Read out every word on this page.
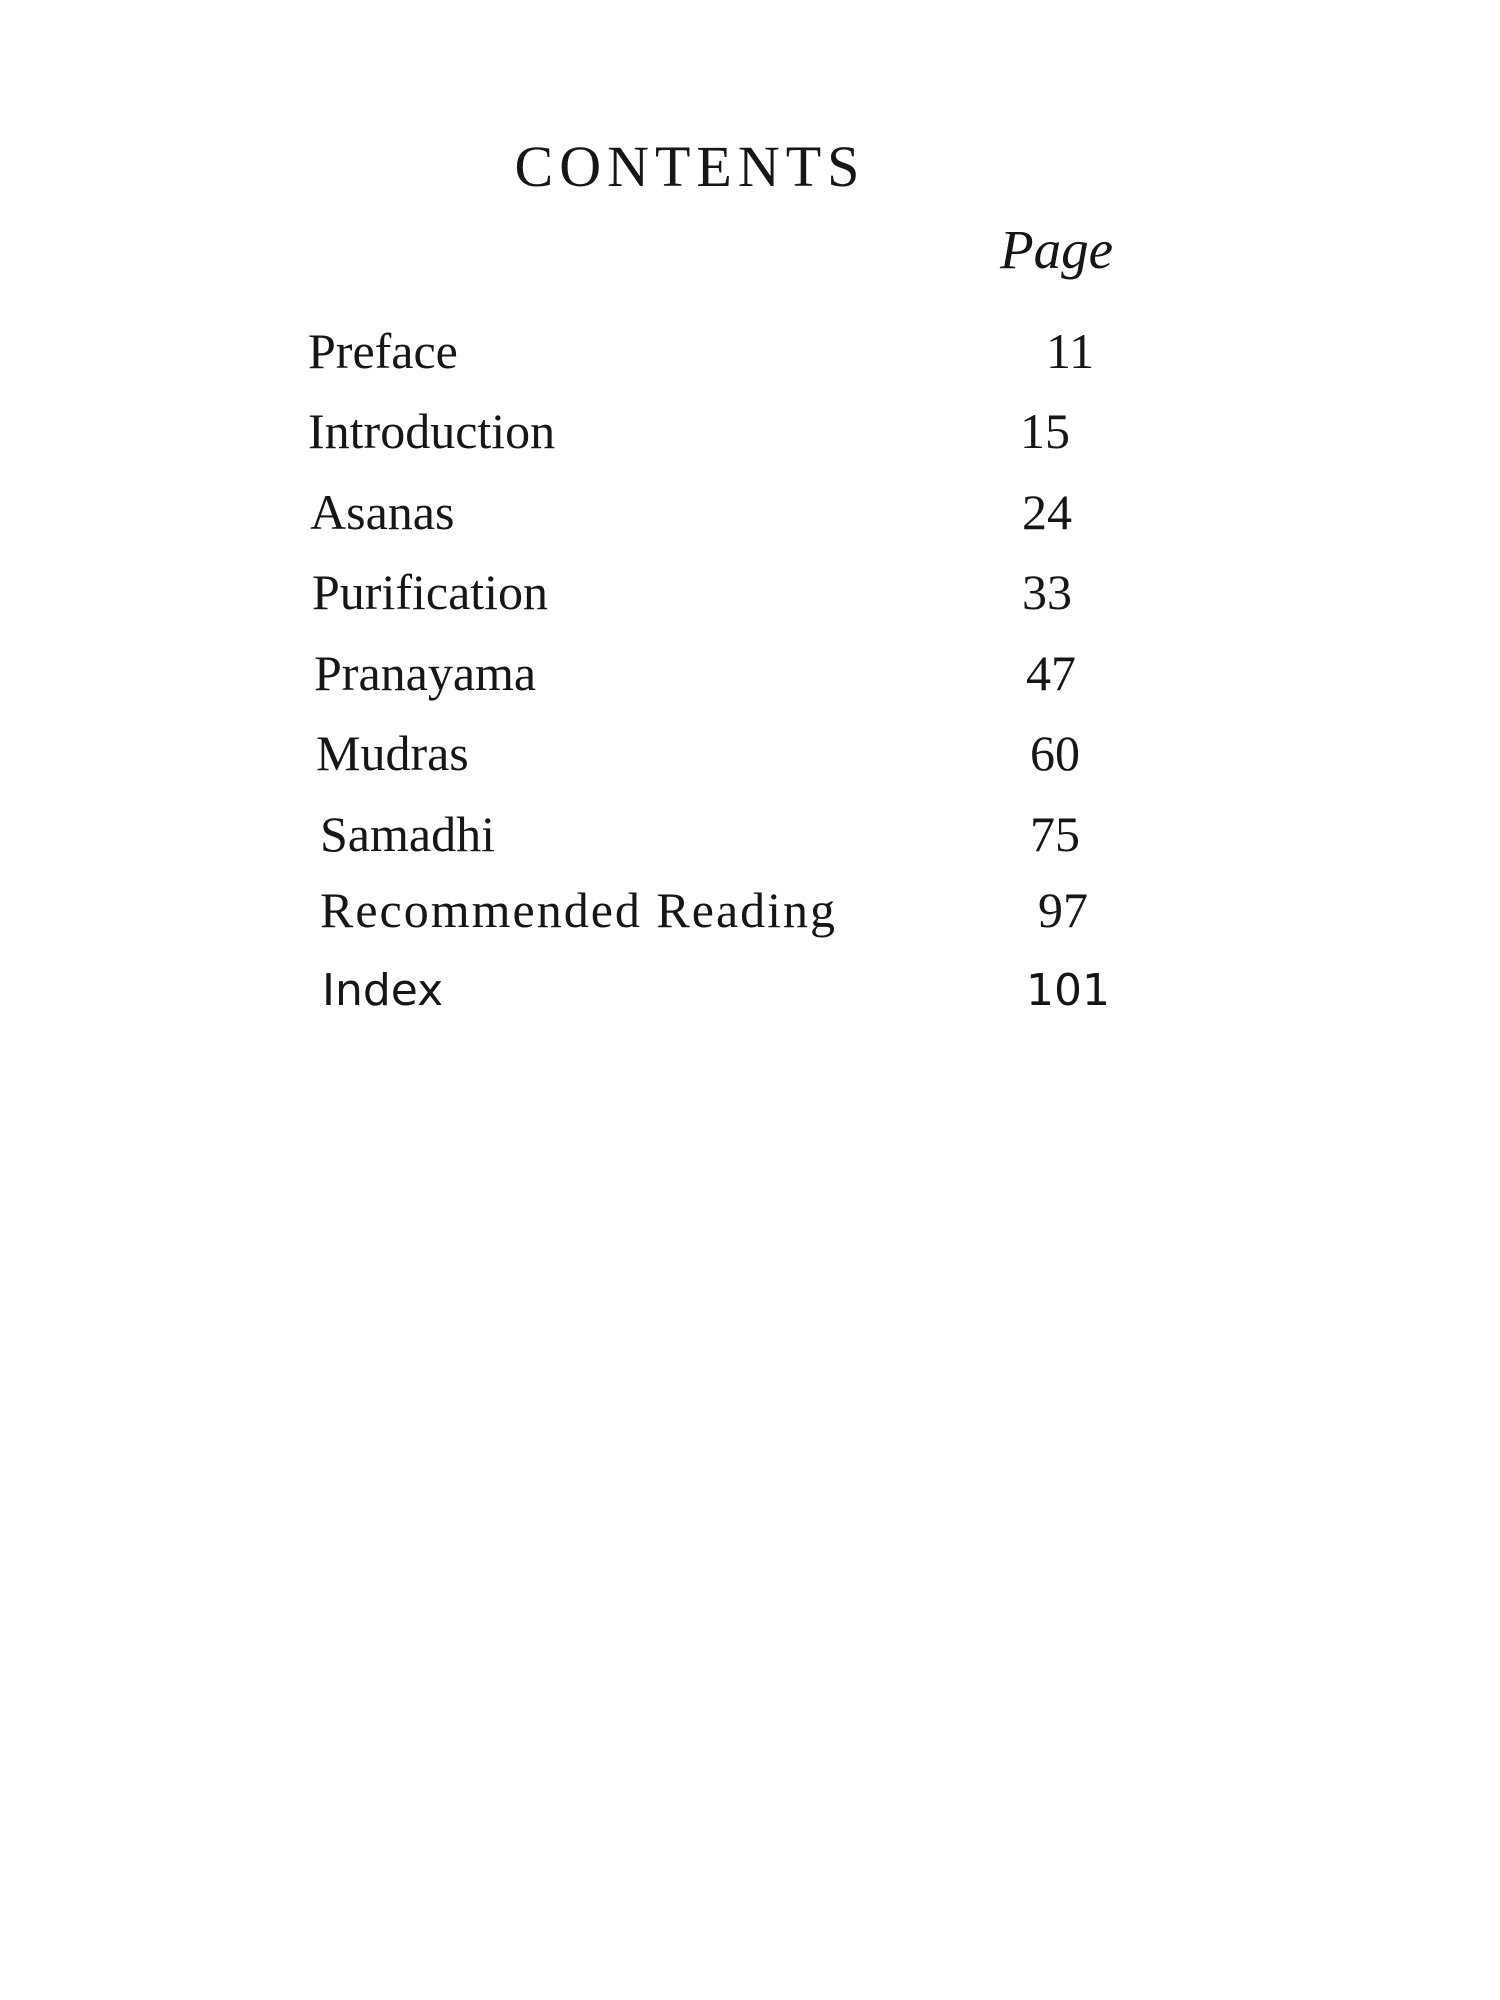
CONTENTS
Page
Preface	11
Introduction	15
Asanas	24
Purification	33
Pranayama	47
Mudras	60
Samadhi	75
Recommended Reading	97
Index	101
